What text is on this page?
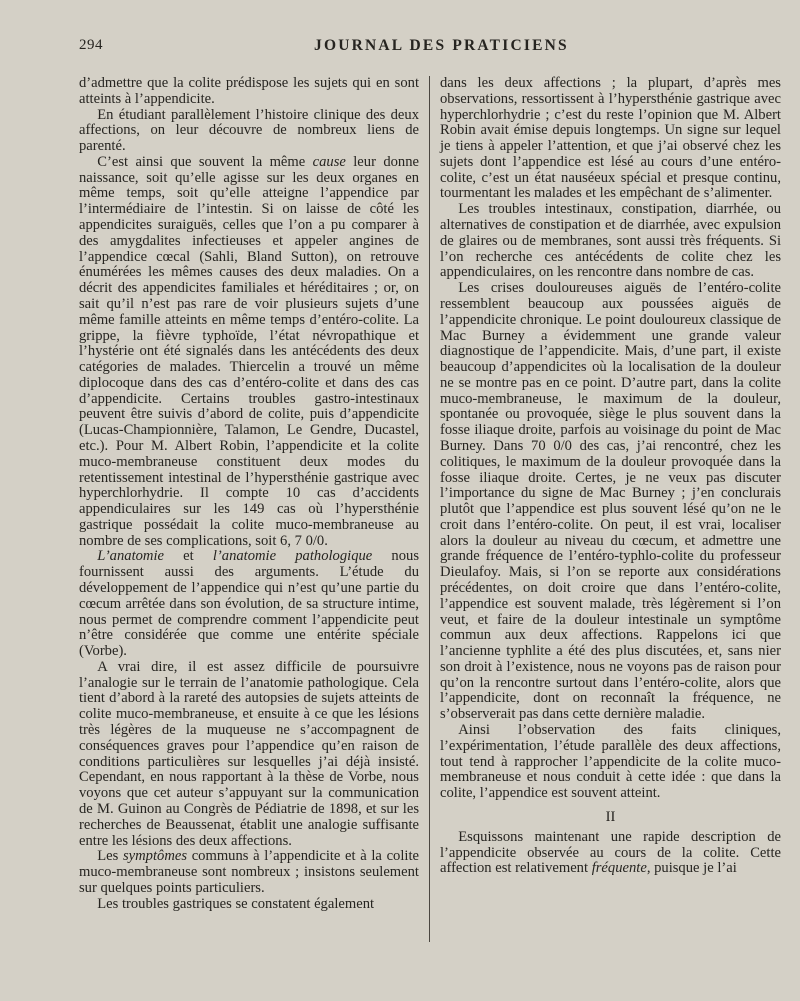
294	JOURNAL DES PRATICIENS

d’admettre que la colite prédispose les sujets qui en sont atteints à l’appendicite.

En étudiant parallèlement l’histoire clinique des deux affections, on leur découvre de nombreux liens de parenté.

C’est ainsi que souvent la même cause leur donne naissance, soit qu’elle agisse sur les deux organes en même temps, soit qu’elle atteigne l’appendice par l’intermédiaire de l’intestin. Si on laisse de côté les appendicites suraiguës, celles que l’on a pu comparer à des amygdalites infectieuses et appeler angines de l’appendice cœcal (Sahli, Bland Sutton), on retrouve énumérées les mêmes causes des deux maladies. On a décrit des appendicites familiales et héréditaires ; or, on sait qu’il n’est pas rare de voir plusieurs sujets d’une même famille atteints en même temps d’entéro-colite. La grippe, la fièvre typhoïde, l’état névropathique et l’hystérie ont été signalés dans les antécédents des deux catégories de malades. Thiercelin a trouvé un même diplocoque dans des cas d’entéro-colite et dans des cas d’appendicite. Certains troubles gastro-intestinaux peuvent être suivis d’abord de colite, puis d’appendicite (Lucas-Championnière, Talamon, Le Gendre, Ducastel, etc.). Pour M. Albert Robin, l’appendicite et la colite muco-membraneuse constituent deux modes du retentissement intestinal de l’hypersthénie gastrique avec hyperchlorhydrie. Il compte 10 cas d’accidents appendiculaires sur les 149 cas où l’hypersthénie gastrique possédait la colite muco-membraneuse au nombre de ses complications, soit 6, 7 0/0.

L’anatomie et l’anatomie pathologique nous fournissent aussi des arguments. L’étude du développement de l’appendice qui n’est qu’une partie du cœcum arrêtée dans son évolution, de sa structure intime, nous permet de comprendre comment l’appendicite peut n’être considérée que comme une entérite spéciale (Vorbe).

A vrai dire, il est assez difficile de poursuivre l’analogie sur le terrain de l’anatomie pathologique. Cela tient d’abord à la rareté des autopsies de sujets atteints de colite muco-membraneuse, et ensuite à ce que les lésions très légères de la muqueuse ne s’accompagnent de conséquences graves pour l’appendice qu’en raison de conditions particulières sur lesquelles j’ai déjà insisté. Cependant, en nous rapportant à la thèse de Vorbe, nous voyons que cet auteur s’appuyant sur la communication de M. Guinon au Congrès de Pédiatrie de 1898, et sur les recherches de Beaussenat, établit une analogie suffisante entre les lésions des deux affections.

Les symptômes communs à l’appendicite et à la colite muco-membraneuse sont nombreux ; insistons seulement sur quelques points particuliers.

Les troubles gastriques se constatent également

dans les deux affections ; la plupart, d’après mes observations, ressortissent à l’hypersthénie gastrique avec hyperchlorhydrie ; c’est du reste l’opinion que M. Albert Robin avait émise depuis longtemps. Un signe sur lequel je tiens à appeler l’attention, et que j’ai observé chez les sujets dont l’appendice est lésé au cours d’une entéro-colite, c’est un état nauséeux spécial et presque continu, tourmentant les malades et les empêchant de s’alimenter.

Les troubles intestinaux, constipation, diarrhée, ou alternatives de constipation et de diarrhée, avec expulsion de glaires ou de membranes, sont aussi très fréquents. Si l’on recherche ces antécédents de colite chez les appendiculaires, on les rencontre dans nombre de cas.

Les crises douloureuses aiguës de l’entéro-colite ressemblent beaucoup aux poussées aiguës de l’appendicite chronique. Le point douloureux classique de Mac Burney a évidemment une grande valeur diagnostique de l’appendicite. Mais, d’une part, il existe beaucoup d’appendicites où la localisation de la douleur ne se montre pas en ce point. D’autre part, dans la colite muco-membraneuse, le maximum de la douleur, spontanée ou provoquée, siège le plus souvent dans la fosse iliaque droite, parfois au voisinage du point de Mac Burney. Dans 70 0/0 des cas, j’ai rencontré, chez les colitiques, le maximum de la douleur provoquée dans la fosse iliaque droite. Certes, je ne veux pas discuter l’importance du signe de Mac Burney ; j’en conclurais plutôt que l’appendice est plus souvent lésé qu’on ne le croit dans l’entéro-colite. On peut, il est vrai, localiser alors la douleur au niveau du cœcum, et admettre une grande fréquence de l’entéro-typhlo-colite du professeur Dieulafoy. Mais, si l’on se reporte aux considérations précédentes, on doit croire que dans l’entéro-colite, l’appendice est souvent malade, très légèrement si l’on veut, et faire de la douleur intestinale un symptôme commun aux deux affections. Rappelons ici que l’ancienne typhlite a été des plus discutées, et, sans nier son droit à l’existence, nous ne voyons pas de raison pour qu’on la rencontre surtout dans l’entéro-colite, alors que l’appendicite, dont on reconnaît la fréquence, ne s’observerait pas dans cette dernière maladie.

Ainsi l’observation des faits cliniques, l’expérimentation, l’étude parallèle des deux affections, tout tend à rapprocher l’appendicite de la colite muco-membraneuse et nous conduit à cette idée : que dans la colite, l’appendice est souvent atteint.

II

Esquissons maintenant une rapide description de l’appendicite observée au cours de la colite. Cette affection est relativement fréquente, puisque je l’ai
